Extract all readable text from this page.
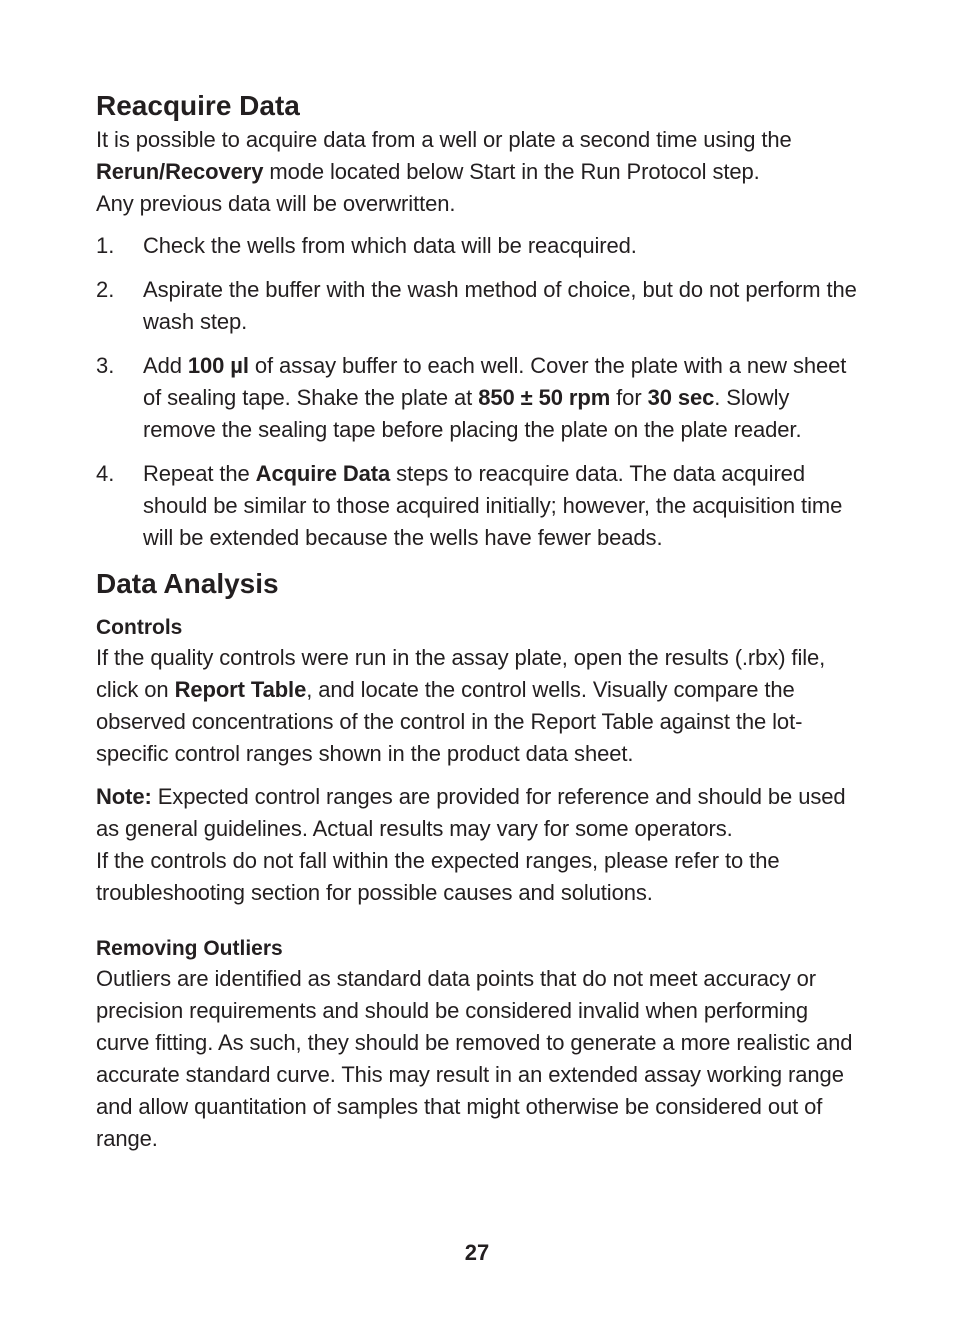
Reacquire Data

It is possible to acquire data from a well or plate a second time using the Rerun/Recovery mode located below Start in the Run Protocol step.
Any previous data will be overwritten.

1.	Check the wells from which data will be reacquired.

2.	Aspirate the buffer with the wash method of choice, but do not perform the wash step.

3.	Add 100 µl of assay buffer to each well. Cover the plate with a new sheet of sealing tape. Shake the plate at 850 ± 50 rpm for 30 sec. Slowly remove the sealing tape before placing the plate on the plate reader.

4.	Repeat the Acquire Data steps to reacquire data. The data acquired should be similar to those acquired initially; however, the acquisition time will be extended because the wells have fewer beads.

Data Analysis
Controls

If the quality controls were run in the assay plate, open the results (.rbx) file, click on Report Table, and locate the control wells. Visually compare the observed concentrations of the control in the Report Table against the lot-specific control ranges shown in the product data sheet.

Note: Expected control ranges are provided for reference and should be used as general guidelines. Actual results may vary for some operators.
If the controls do not fall within the expected ranges, please refer to the troubleshooting section for possible causes and solutions.

Removing Outliers

Outliers are identified as standard data points that do not meet accuracy or precision requirements and should be considered invalid when performing curve fitting. As such, they should be removed to generate a more realistic and accurate standard curve. This may result in an extended assay working range and allow quantitation of samples that might otherwise be considered out of range.

27
